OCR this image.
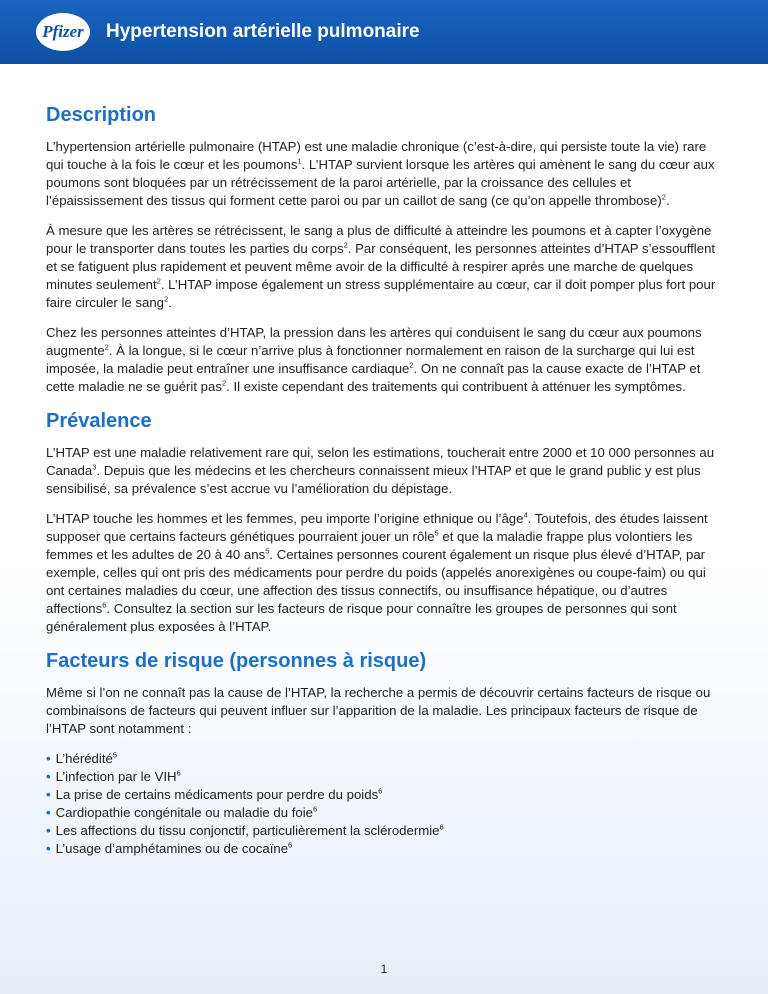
Pfizer Hypertension artérielle pulmonaire
Description

L’hypertension artérielle pulmonaire (HTAP) est une maladie chronique (c’est-à-dire, qui persiste toute la vie) rare qui touche à la fois le cœur et les poumons$^1$. L’HTAP survient lorsque les artères qui amènent le sang du cœur aux poumons sont bloquées par un rétrécissement de la paroi artérielle, par la croissance des cellules et l’épaississement des tissus qui forment cette paroi ou par un caillot de sang (ce qu’on appelle thrombose)$^2$.

À mesure que les artères se rétrécissent, le sang a plus de difficulté à atteindre les poumons et à capter l’oxygène pour le transporter dans toutes les parties du corps$^2$. Par conséquent, les personnes atteintes d’HTAP s’essoufflent et se fatiguent plus rapidement et peuvent même avoir de la difficulté à respirer après une marche de quelques minutes seulement$^2$. L’HTAP impose également un stress supplémentaire au cœur, car il doit pomper plus fort pour faire circuler le sang$^2$.

Chez les personnes atteintes d’HTAP, la pression dans les artères qui conduisent le sang du cœur aux poumons augmente$^2$. À la longue, si le cœur n’arrive plus à fonctionner normalement en raison de la surcharge qui lui est imposée, la maladie peut entraîner une insuffisance cardiaque$^2$. On ne connaît pas la cause exacte de l’HTAP et cette maladie ne se guérit pas$^2$. Il existe cependant des traitements qui contribuent à atténuer les symptômes.

Prévalence

L’HTAP est une maladie relativement rare qui, selon les estimations, toucherait entre 2000 et 10 000 personnes au Canada$^3$. Depuis que les médecins et les chercheurs connaissent mieux l’HTAP et que le grand public y est plus sensibilisé, sa prévalence s’est accrue vu l’amélioration du dépistage.

L’HTAP touche les hommes et les femmes, peu importe l’origine ethnique ou l’âge$^4$. Toutefois, des études laissent supposer que certains facteurs génétiques pourraient jouer un rôle$^5$ et que la maladie frappe plus volontiers les femmes et les adultes de 20 à 40 ans$^5$. Certaines personnes courent également un risque plus élevé d’HTAP, par exemple, celles qui ont pris des médicaments pour perdre du poids (appelés anorexigènes ou coupe-faim) ou qui ont certaines maladies du cœur, une affection des tissus connectifs, ou insuffisance hépatique, ou d’autres affections$^6$. Consultez la section sur les facteurs de risque pour connaître les groupes de personnes qui sont généralement plus exposées à l’HTAP.

Facteurs de risque (personnes à risque)

Même si l’on ne connaît pas la cause de l’HTAP, la recherche a permis de découvrir certains facteurs de risque ou combinaisons de facteurs qui peuvent influer sur l’apparition de la maladie. Les principaux facteurs de risque de l’HTAP sont notamment :

• L’hérédité$^5$
• L’infection par le VIH$^6$
• La prise de certains médicaments pour perdre du poids$^6$
• Cardiopathie congénitale ou maladie du foie$^6$
• Les affections du tissu conjonctif, particulièrement la sclérodermie$^6$
• L’usage d’amphétamines ou de cocaïne$^6$
1
